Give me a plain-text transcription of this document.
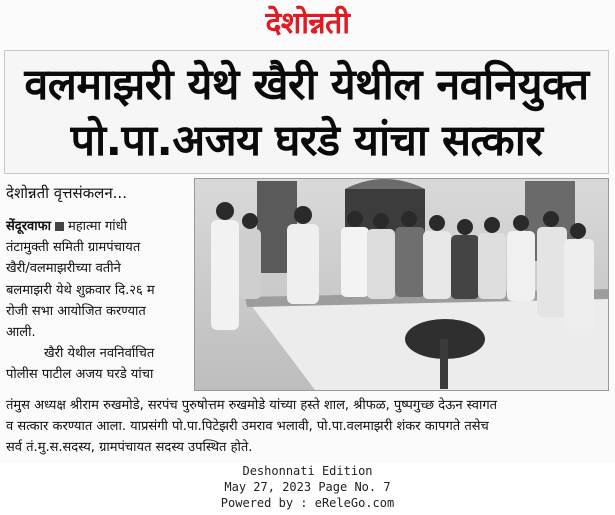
देशोन्नती
वलमाझरी येथे खैरी येथील नवनियुक्त
पो.पा.अजय घरडे यांचा सत्कार
देशोन्नती वृत्तसंकलन...

सेंदूरवाफा महात्मा गांधी

तंटामुक्ती समिती ग्रामपंचायत

खैरी/वलमाझरीच्या वतीने

बलमाझरी येथे शुक्रवार दि.२६ म

रोजी सभा आयोजित करण्यात

आली.

खैरी येथील नवनिर्वाचित

पोलीस पाटील अजय घरडे यांचा

तंमुस अध्यक्ष श्रीराम रुखमोडे, सरपंच पुरुषोत्तम रुखमोडे यांच्या हस्ते शाल, श्रीफळ, पुष्पगुच्छ देऊन स्वागत
व सत्कार करण्यात आला. याप्रसंगी पो.पा.पिटेझरी उमराव भलावी, पो.पा.वलमाझरी शंकर कापगते तसेच
सर्व तं.मु.स.सदस्य, ग्रामपंचायत सदस्य उपस्थित होते.
Deshonnati Edition
May 27, 2023 Page No. 7
Powered by : eReleGo.com
